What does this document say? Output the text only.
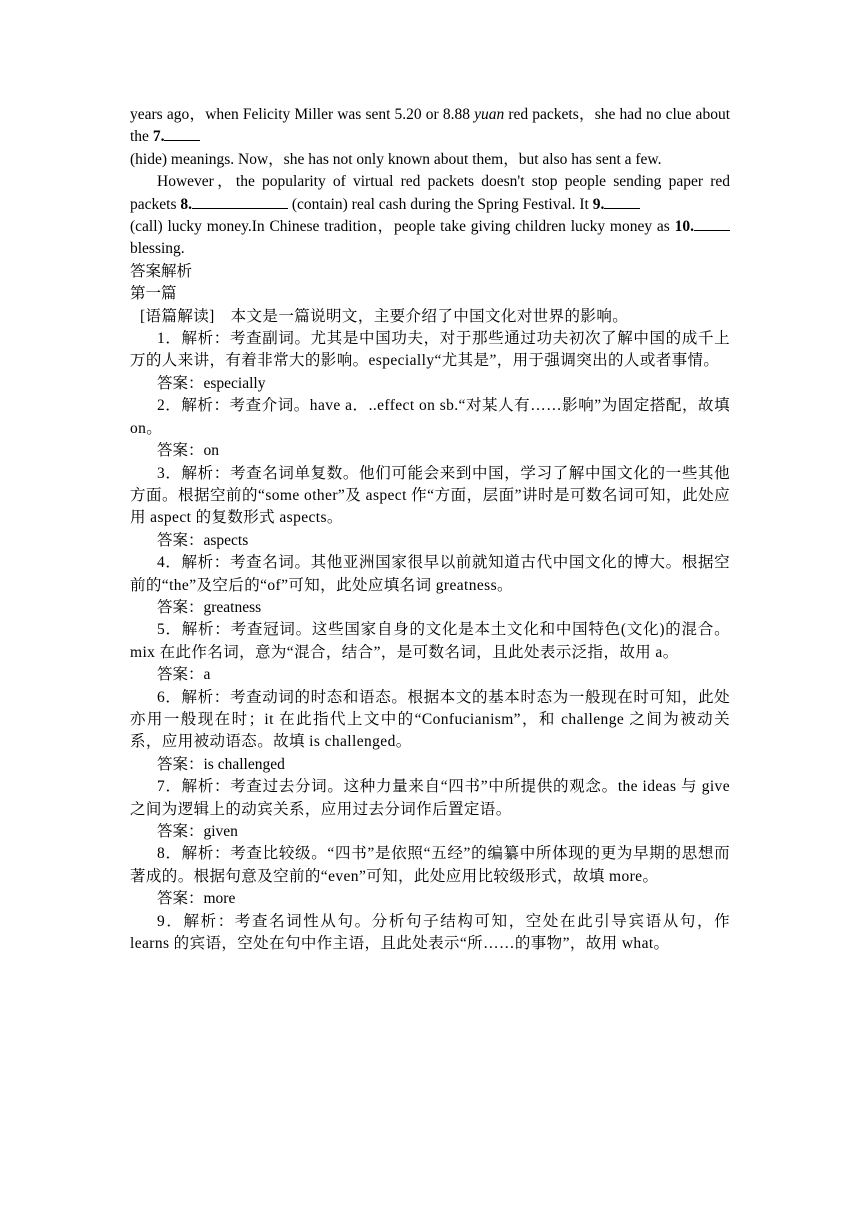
years ago，when Felicity Miller was sent 5.20 or 8.88 yuan red packets，she had no clue about the 7.
(hide) meanings. Now，she has not only known about them，but also has sent a few.

However，the popularity of virtual red packets doesn't stop people sending paper red packets 8.	(contain) real cash during the Spring Festival. It 9.
(call) lucky money.In Chinese tradition，people take giving children lucky money as 10. blessing.

答案解析

第一篇

[语篇解读]　本文是一篇说明文，主要介绍了中国文化对世界的影响。

1．解析：考查副词。尤其是中国功夫，对于那些通过功夫初次了解中国的成千上万的人来讲，有着非常大的影响。especially“尤其是”，用于强调突出的人或者事情。

答案：especially

2．解析：考查介词。have a．..effect on sb.“对某人有……影响”为固定搭配，故填 on。

答案：on

3．解析：考查名词单复数。他们可能会来到中国，学习了解中国文化的一些其他方面。根据空前的“some other”及 aspect 作“方面，层面”讲时是可数名词可知，此处应用 aspect 的复数形式 aspects。

答案：aspects

4．解析：考查名词。其他亚洲国家很早以前就知道古代中国文化的博大。根据空前的“the”及空后的“of”可知，此处应填名词 greatness。

答案：greatness

5．解析：考查冠词。这些国家自身的文化是本土文化和中国特色(文化)的混合。mix 在此作名词，意为“混合，结合”，是可数名词，且此处表示泛指，故用 a。

答案：a

6．解析：考查动词的时态和语态。根据本文的基本时态为一般现在时可知，此处亦用一般现在时；it 在此指代上文中的“Confucianism”，和 challenge 之间为被动关系，应用被动语态。故填 is challenged。

答案：is challenged

7．解析：考查过去分词。这种力量来自“四书”中所提供的观念。the ideas 与 give 之间为逻辑上的动宾关系，应用过去分词作后置定语。

答案：given

8．解析：考查比较级。“四书”是依照“五经”的编纂中所体现的更为早期的思想而著成的。根据句意及空前的“even”可知，此处应用比较级形式，故填 more。

答案：more

9．解析：考查名词性从句。分析句子结构可知，空处在此引导宾语从句，作 learns 的宾语，空处在句中作主语，且此处表示“所……的事物”，故用 what。
